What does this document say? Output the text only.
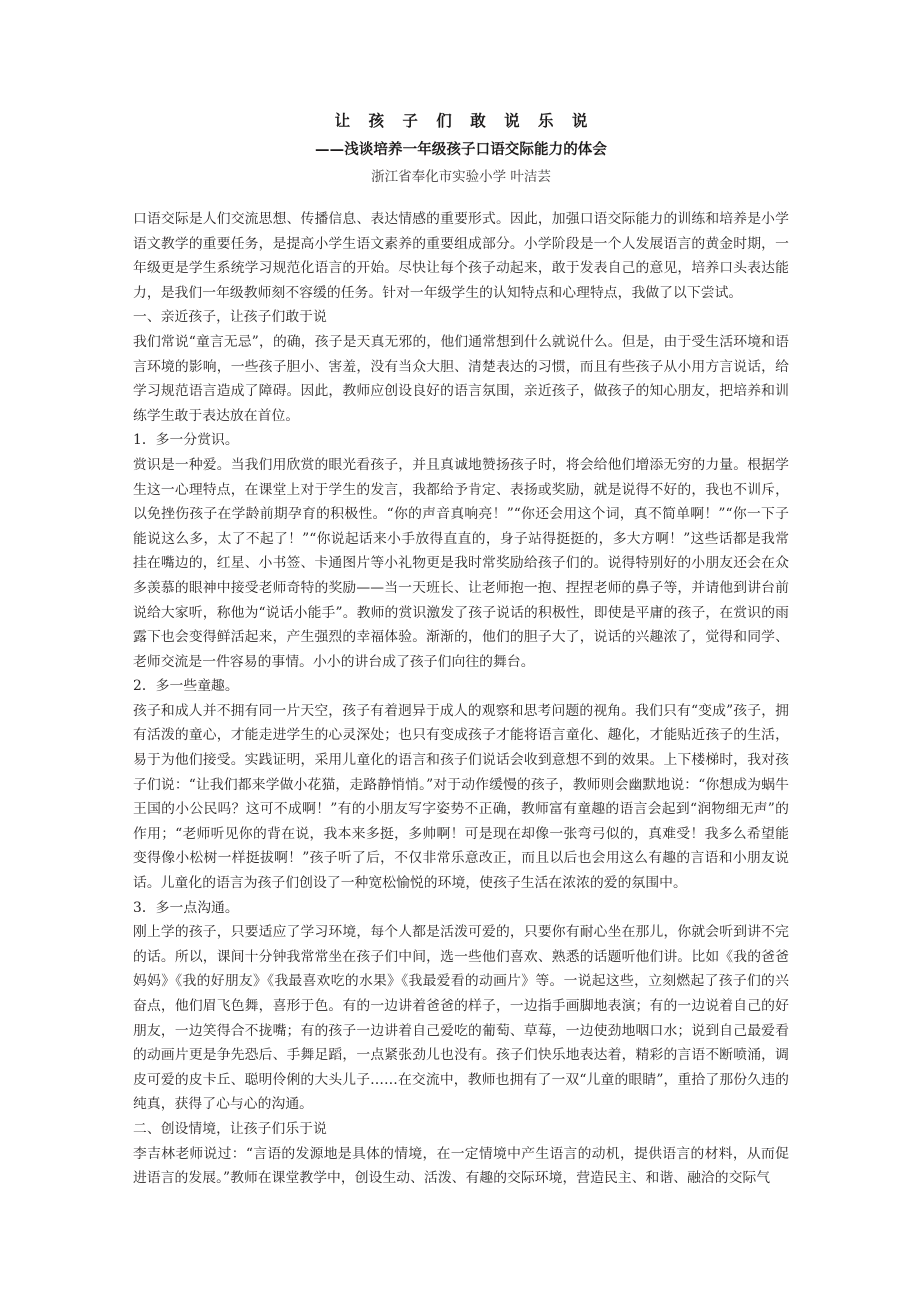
让 孩 子 们 敢 说 乐 说
——浅谈培养一年级孩子口语交际能力的体会
浙江省奉化市实验小学 叶洁芸

口语交际是人们交流思想、传播信息、表达情感的重要形式。因此，加强口语交际能力的训练和培养是小学语文教学的重要任务，是提高小学生语文素养的重要组成部分。小学阶段是一个人发展语言的黄金时期，一年级更是学生系统学习规范化语言的开始。尽快让每个孩子动起来，敢于发表自己的意见，培养口头表达能力，是我们一年级教师刻不容缓的任务。针对一年级学生的认知特点和心理特点，我做了以下尝试。

一、亲近孩子，让孩子们敢于说

我们常说“童言无忌”，的确，孩子是天真无邪的，他们通常想到什么就说什么。但是，由于受生活环境和语言环境的影响，一些孩子胆小、害羞，没有当众大胆、清楚表达的习惯，而且有些孩子从小用方言说话，给学习规范语言造成了障碍。因此，教师应创设良好的语言氛围，亲近孩子，做孩子的知心朋友，把培养和训练学生敢于表达放在首位。

1．多一分赏识。

赏识是一种爱。当我们用欣赏的眼光看孩子，并且真诚地赞扬孩子时，将会给他们增添无穷的力量。根据学生这一心理特点，在课堂上对于学生的发言，我都给予肯定、表扬或奖励，就是说得不好的，我也不训斥，以免挫伤孩子在学龄前期孕育的积极性。“你的声音真响亮！”“你还会用这个词，真不简单啊！”“你一下子能说这么多，太了不起了！”“你说起话来小手放得直直的，身子站得挺挺的，多大方啊！”这些话都是我常挂在嘴边的，红星、小书签、卡通图片等小礼物更是我时常奖励给孩子们的。说得特别好的小朋友还会在众多羡慕的眼神中接受老师奇特的奖励——当一天班长、让老师抱一抱、捏捏老师的鼻子等，并请他到讲台前说给大家听，称他为“说话小能手”。教师的赏识激发了孩子说话的积极性，即使是平庸的孩子，在赏识的雨露下也会变得鲜活起来，产生强烈的幸福体验。渐渐的，他们的胆子大了，说话的兴趣浓了，觉得和同学、老师交流是一件容易的事情。小小的讲台成了孩子们向往的舞台。

2．多一些童趣。

孩子和成人并不拥有同一片天空，孩子有着迥异于成人的观察和思考问题的视角。我们只有“变成”孩子，拥有活泼的童心，才能走进学生的心灵深处；也只有变成孩子才能将语言童化、趣化，才能贴近孩子的生活，易于为他们接受。实践证明，采用儿童化的语言和孩子们说话会收到意想不到的效果。上下楼梯时，我对孩子们说：“让我们都来学做小花猫，走路静悄悄。”对于动作缓慢的孩子，教师则会幽默地说：“你想成为蜗牛王国的小公民吗？这可不成啊！”有的小朋友写字姿势不正确，教师富有童趣的语言会起到“润物细无声”的作用；“老师听见你的背在说，我本来多挺，多帅啊！可是现在却像一张弯弓似的，真难受！我多么希望能变得像小松树一样挺拔啊！”孩子听了后，不仅非常乐意改正，而且以后也会用这么有趣的言语和小朋友说话。儿童化的语言为孩子们创设了一种宽松愉悦的环境，使孩子生活在浓浓的爱的氛围中。

3．多一点沟通。

刚上学的孩子，只要适应了学习环境，每个人都是活泼可爱的，只要你有耐心坐在那儿，你就会听到讲不完的话。所以，课间十分钟我常常坐在孩子们中间，选一些他们喜欢、熟悉的话题听他们讲。比如《我的爸爸妈妈》《我的好朋友》《我最喜欢吃的水果》《我最爱看的动画片》等。一说起这些，立刻燃起了孩子们的兴奋点，他们眉飞色舞，喜形于色。有的一边讲着爸爸的样子，一边指手画脚地表演；有的一边说着自己的好朋友，一边笑得合不拢嘴；有的孩子一边讲着自己爱吃的葡萄、草莓，一边使劲地咽口水；说到自己最爱看的动画片更是争先恐后、手舞足蹈，一点紧张劲儿也没有。孩子们快乐地表达着，精彩的言语不断喷涌，调皮可爱的皮卡丘、聪明伶俐的大头儿子……在交流中，教师也拥有了一双“儿童的眼睛”，重拾了那份久违的纯真，获得了心与心的沟通。

二、创设情境，让孩子们乐于说

李吉林老师说过：“言语的发源地是具体的情境，在一定情境中产生语言的动机，提供语言的材料，从而促进语言的发展。”教师在课堂教学中，创设生动、活泼、有趣的交际环境，营造民主、和谐、融洽的交际气
